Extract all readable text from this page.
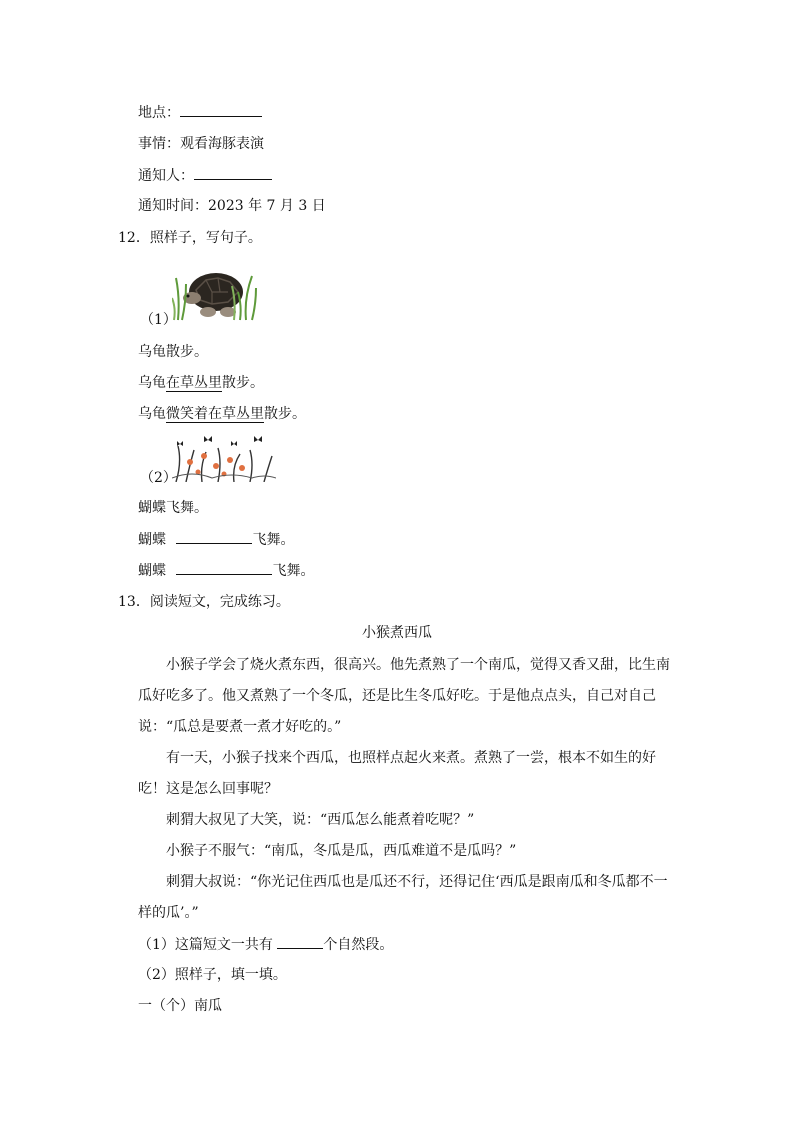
地点：
事情：观看海豚表演
通知人：
通知时间：2023 年 7 月 3 日
12．照样子，写句子。
（1）
乌龟散步。
乌龟在草丛里散步。
乌龟微笑着在草丛里散步。
（2）
蝴蝶飞舞。
蝴蝶	飞舞。
蝴蝶	飞舞。
13．阅读短文，完成练习。
小猴煮西瓜
小猴子学会了烧火煮东西，很高兴。他先煮熟了一个南瓜，觉得又香又甜，比生南瓜好吃多了。他又煮熟了一个冬瓜，还是比生冬瓜好吃。于是他点点头，自己对自己说：“瓜总是要煮一煮才好吃的。”
有一天，小猴子找来个西瓜，也照样点起火来煮。煮熟了一尝，根本不如生的好吃！这是怎么回事呢？
刺猬大叔见了大笑，说：“西瓜怎么能煮着吃呢？”
小猴子不服气：“南瓜，冬瓜是瓜，西瓜难道不是瓜吗？”
刺猬大叔说：“你光记住西瓜也是瓜还不行，还得记住‘西瓜是跟南瓜和冬瓜都不一样的瓜’。”
（1）这篇短文一共有	个自然段。
（2）照样子，填一填。
一（个）南瓜
